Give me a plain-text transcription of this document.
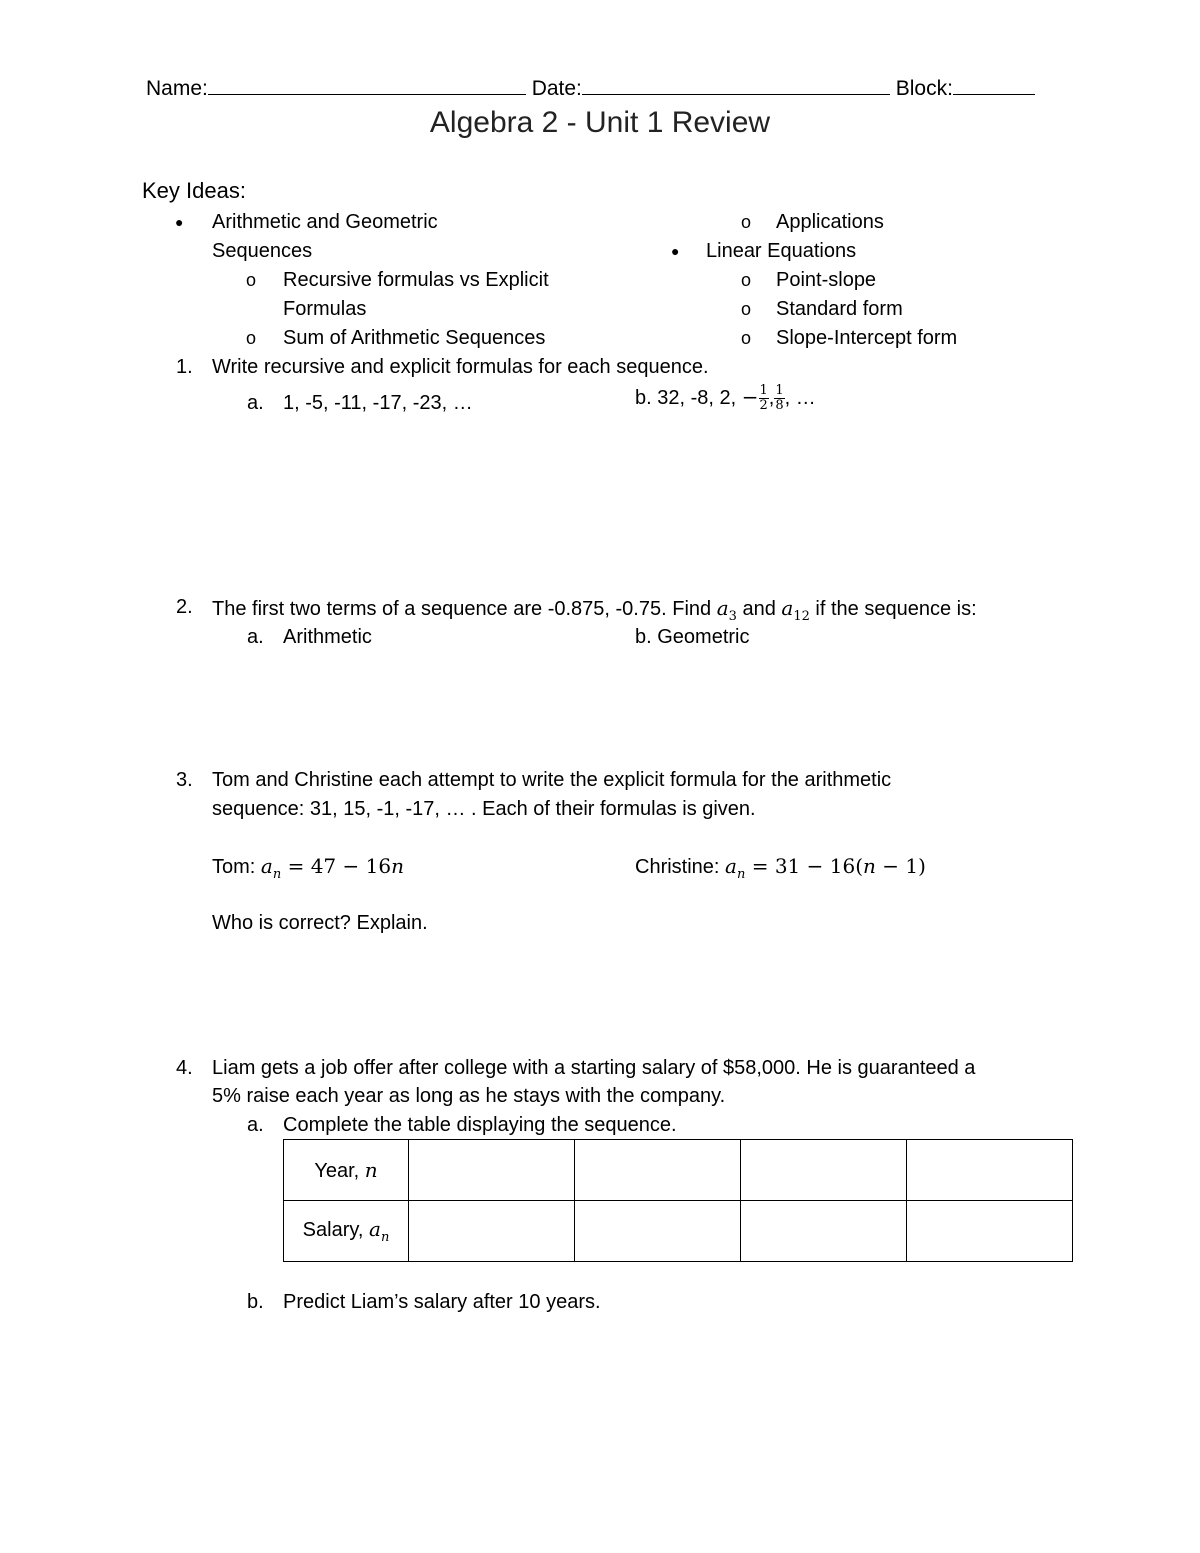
Name:	Date:	Block:
Algebra 2 - Unit 1 Review
Key Ideas:
● Arithmetic and Geometric
Sequences
o Recursive formulas vs Explicit
Formulas
o Sum of Arithmetic Sequences
o Applications
● Linear Equations
o Point-slope
o Standard form
o Slope-Intercept form
1. Write recursive and explicit formulas for each sequence.
a. 1, -5, -11, -17, -23, …	b. 32, -8, 2, − $\frac{1}{2}$ , $\frac{1}{8}$ , …
2. The first two terms of a sequence are -0.875, -0.75. Find $a_3$ and $a_{12}$ if the sequence is:
a. Arithmetic	b. Geometric
3. Tom and Christine each attempt to write the explicit formula for the arithmetic
sequence: 31, 15, -1, -17, … . Each of their formulas is given.
Tom: $a_n = 47 - 16n$	Christine: $a_n = 31 - 16(n - 1)$
Who is correct? Explain.
4. Liam gets a job offer after college with a starting salary of $58,000. He is guaranteed a
5% raise each year as long as he stays with the company.
a. Complete the table displaying the sequence.
Year, n				
Salary, $a_n$				
b. Predict Liam’s salary after 10 years.
